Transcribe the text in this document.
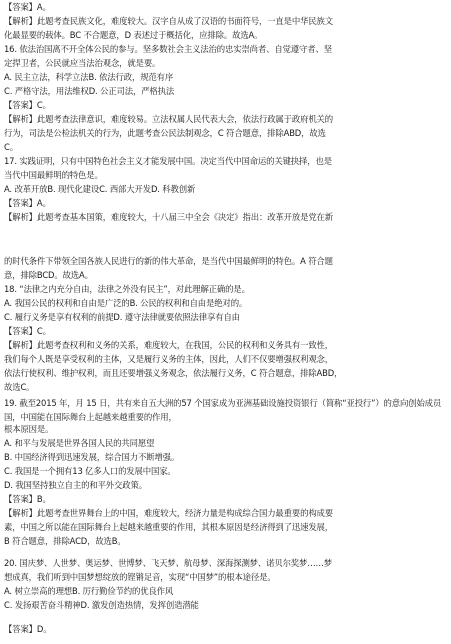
【答案】A。
【解析】此题考查民族文化，难度较大。汉字自从成了汉语的书面符号，一直是中华民族文
化最显要的载体。BC 不合题意，D 表述过于概括化，应排除。故选A。
16. 依法治国离不开全体公民的参与。坚多数社会主义法治的忠实崇尚者、自觉遵守者、坚
定捍卫者，公民就应当法治观念，就是要。
A. 民主立法，科学立法B. 依法行政，规范有序
C. 严格守法，用法维权D. 公正司法，严格执法
【答案】C。
【解析】此题考查法律意识，难度较易。立法权属人民代表大会，依法行政属于政府机关的
行为，司法是公检法机关的行为，此题考查公民法制观念，C 符合题意，排除ABD，故选
C。
17. 实践证明，只有中国特色社会主义才能发展中国。决定当代中国命运的关键抉择，也是
当代中国最鲜明的特色是。
A. 改革开放B. 现代化建设C. 西部大开发D. 科教创新
【答案】A。
【解析】此题考查基本国策，难度较大，十八届三中全会《决定》指出：改革开放是党在新
的时代条件下带领全国各族人民进行的新的伟大革命，是当代中国最鲜明的特色。A 符合题
意，排除BCD。故选A。
18. “法律之内充分自由，法律之外没有民主”，对此理解正确的是。
A. 我国公民的权利和自由是广泛的B. 公民的权利和自由是绝对的。
C. 履行义务是享有权利的前提D. 遵守法律就要依照法律享有自由
【答案】C。
【解析】此题考查权利和义务的关系，难度较大，在我国，公民的权利和义务具有一致性，
我们每个人既是享受权利的主体，又是履行义务的主体，因此，人们不仅要增强权利观念，
依法行使权利、维护权利，而且还要增强义务观念，依法履行义务，C 符合题意，排除ABD，
故选C。
19. 截至2015 年，月 15 日，共有来自五大洲的57 个国家成为亚洲基础设施投资银行（简称“亚投行”）的意向创始成员国，中国能在国际舞台上起越来越重要的作用，
根本原因是。
A. 和平与发展是世界各国人民的共同愿望
B. 中国经济得到迅速发展，综合国力不断增强。
C. 我国是一个拥有13 亿多人口的发展中国家。
D. 我国坚持独立自主的和平外交政策。
【答案】B。
【解析】此题考查世界舞台上的中国，难度较大，经济力量是构成综合国力最重要的构成要
素，中国之所以能在国际舞台上起越来越重要的作用，其根本原因是经济得到了迅速发展，
B 符合题意，排除ACD，故选B。
20. 国庆梦、人世梦、奥运梦、世博梦、飞天梦、航母梦、深海探测梦、诺贝尔奖梦……梦
想成真，我们听到中国梦想绽放的铿锵足音，实现“中国梦”的根本途径是。
A. 树立崇高的理想B. 厉行勤俭节约的优良作风
C. 发扬艰苦奋斗精神D. 激发创造热情，发挥创造潜能
【答案】D。
